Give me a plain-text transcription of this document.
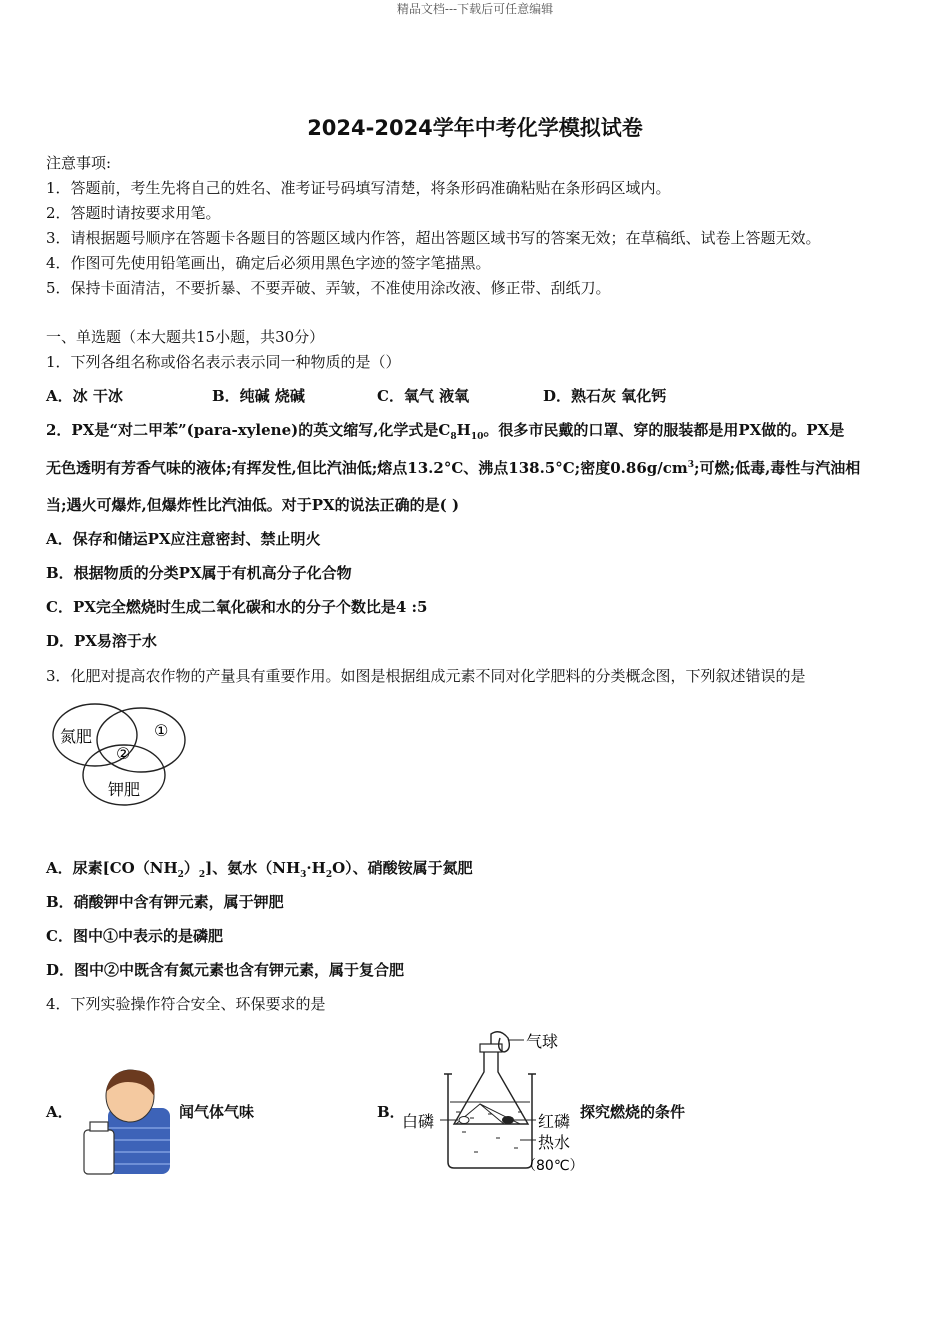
精品文档---下载后可任意编辑
2024-2024学年中考化学模拟试卷
注意事项:
1．答题前，考生先将自己的姓名、准考证号码填写清楚，将条形码准确粘贴在条形码区域内。
2．答题时请按要求用笔。
3．请根据题号顺序在答题卡各题目的答题区域内作答，超出答题区域书写的答案无效；在草稿纸、试卷上答题无效。
4．作图可先使用铅笔画出，确定后必须用黑色字迹的签字笔描黑。
5．保持卡面清洁，不要折暴、不要弄破、弄皱，不准使用涂改液、修正带、刮纸刀。
一、单选题（本大题共15小题，共30分）
1．下列各组名称或俗名表示表示同一种物质的是（）
A．冰 干冰	B．纯碱 烧碱	C．氧气 液氧	D．熟石灰 氧化钙
2．PX是“对二甲苯”(para-xylene)的英文缩写,化学式是$C_8H_{10}$。很多市民戴的口罩、穿的服装都是用PX做的。PX是
无色透明有芳香气味的液体;有挥发性,但比汽油低;熔点13.2°C、沸点138.5°C;密度$0.86g/cm^3$;可燃;低毒,毒性与汽油相
当;遇火可爆炸,但爆炸性比汽油低。对于PX的说法正确的是( )
A．保存和储运PX应注意密封、禁止明火
B．根据物质的分类PX属于有机高分子化合物
C．PX完全燃烧时生成二氧化碳和水的分子个数比是4 :5
D．PX易溶于水
3．化肥对提高农作物的产量具有重要作用。如图是根据组成元素不同对化学肥料的分类概念图，下列叙述错误的是
氮肥	①
②
钾肥
A．尿素$[CO(NH_2)_2]$、氨水$(NH_3\cdot H_2O)$、硝酸铵属于氮肥
B．硝酸钾中含有钾元素，属于钾肥
C．图中①中表示的是磷肥
D．图中②中既含有氮元素也含有钾元素，属于复合肥
4．下列实验操作符合安全、环保要求的是
A．	闻气体气味	B．
气球
白磷	红磷
热水
（80℃）
探究燃烧的条件
